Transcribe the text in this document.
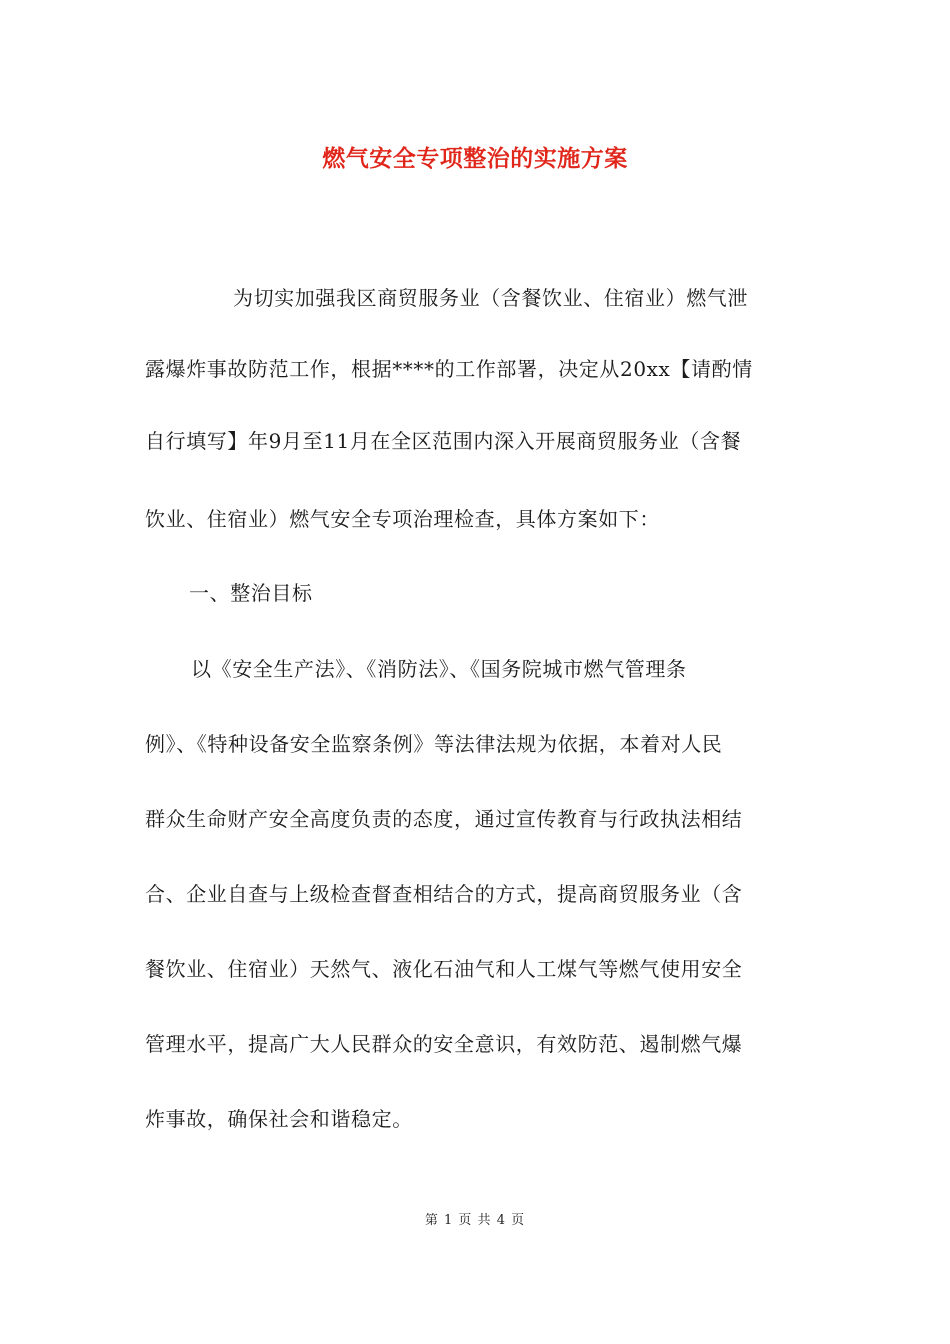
燃气安全专项整治的实施方案
为切实加强我区商贸服务业（含餐饮业、住宿业）燃气泄
露爆炸事故防范工作，根据****的工作部署，决定从20xx【请酌情
自行填写】年9月至11月在全区范围内深入开展商贸服务业（含餐
饮业、住宿业）燃气安全专项治理检查，具体方案如下：
一、整治目标
以《安全生产法》、《消防法》、《国务院城市燃气管理条
例》、《特种设备安全监察条例》等法律法规为依据，本着对人民
群众生命财产安全高度负责的态度，通过宣传教育与行政执法相结
合、企业自查与上级检查督查相结合的方式，提高商贸服务业（含
餐饮业、住宿业）天然气、液化石油气和人工煤气等燃气使用安全
管理水平，提高广大人民群众的安全意识，有效防范、遏制燃气爆
炸事故，确保社会和谐稳定。
第 1 页 共 4 页
